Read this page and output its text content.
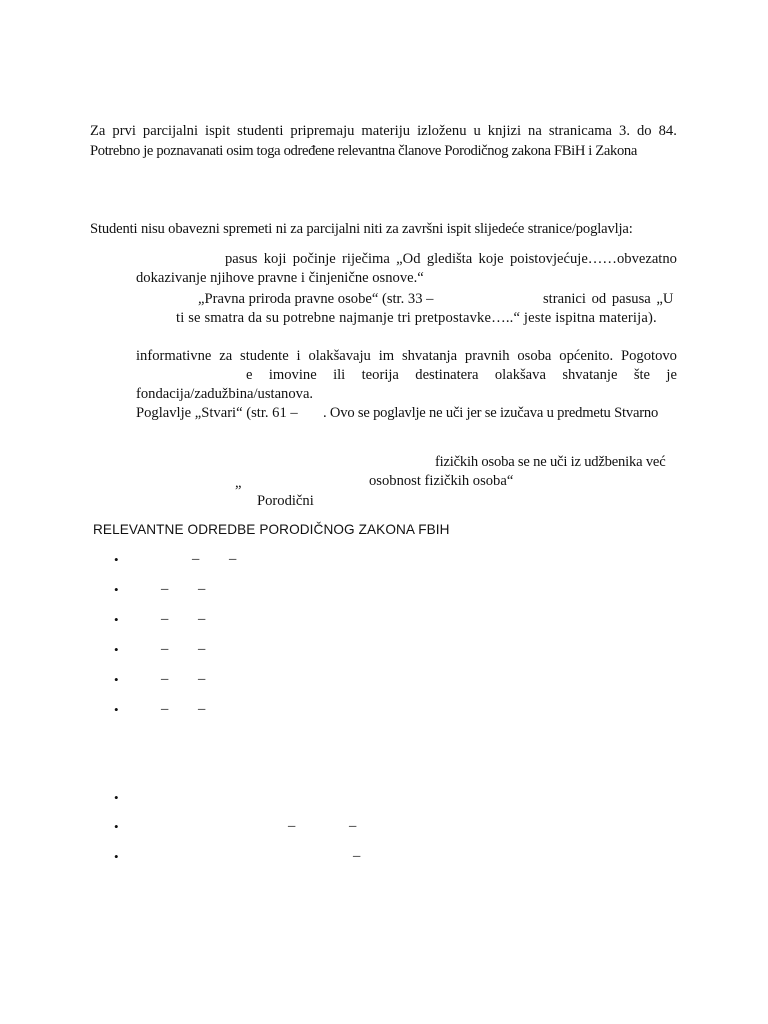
Za prvi parcijalni ispit studenti pripremaju materiju izloženu u knjizi na stranicama 3. do 84.
Potrebno je poznavanati osim toga određene relevantna članove Porodičnog zakona FBiH i Zakona
Studenti nisu obavezni spremeti ni za parcijalni niti za završni ispit slijedeće stranice/poglavlja:
pasus koji počinje riječima „Od gledišta koje poistovjećuje……obvezatno
dokazivanje njihove pravne i činjenične osnove.“
„Pravna priroda pravne osobe“ (str. 33 –	stranici od pasusa „U
ti se smatra da su potrebne najmanje tri pretpostavke…..“ jeste ispitna materija).
informativne za studente i olakšavaju im shvatanja pravnih osoba općenito. Pogotovo
e imovine ili teorija destinatera olakšava shvatanje šte je
fondacija/zadužbina/ustanova.
Poglavlje „Stvari“ (str. 61 – . Ovo se poglavlje ne uči jer se izučava u predmetu Stvarno
fizičkih osoba se ne uči iz udžbenika već
„	osobnost fizičkih osoba“
Porodični
RELEVANTNE ODREDBE PORODIČNOG ZAKONA FBIH
•	– –
•	– –
•	– –
•	– –
•	– –
•	– –
•
•	–	–
•	–
